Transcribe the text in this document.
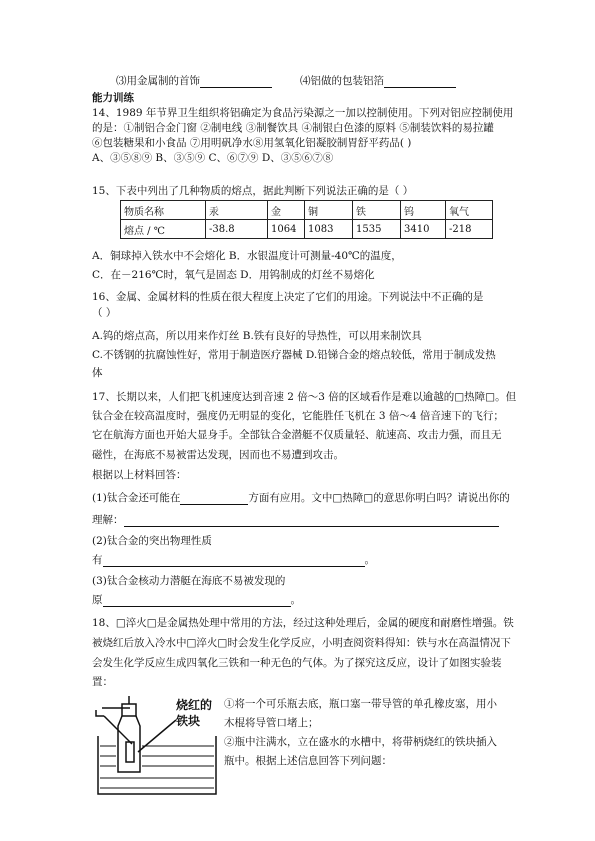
⑶用金属制的首饰	⑷铝做的包装铝箔
能力训练
14、1989 年节界卫生组织将铝确定为食品污染源之一加以控制使用。下列对铝应控制使用
的是：①制铝合金门窗 ②制电线 ③制餐饮具 ④制银白色漆的原料 ⑤制装饮料的易拉罐
⑥包装糖果和小食品 ⑦用明矾净水⑧用氢氧化铝凝胶制胃舒平药品( )
A、③⑤⑧⑨ B、③⑤⑨ C、⑥⑦⑨ D、③⑤⑥⑦⑧
15、下表中列出了几种物质的熔点，据此判断下列说法正确的是（ ）
物质名称	汞	金	铜	铁	钨	氧气
熔点 / ℃	-38.8	1064	1083	1535	3410	-218
A．铜球掉入铁水中不会熔化 B．水银温度计可测量-40℃的温度，
C．在－216℃时，氧气是固态 D．用钨制成的灯丝不易熔化
16、金属、金属材料的性质在很大程度上决定了它们的用途。下列说法中不正确的是
（ ）
A.钨的熔点高，所以用来作灯丝 B.铁有良好的导热性，可以用来制饮具
C.不锈钢的抗腐蚀性好，常用于制造医疗器械 D.铅锑合金的熔点较低，常用于制成发热
体
17、长期以来，人们把飞机速度达到音速 2 倍～3 倍的区域看作是难以逾越的□热障□。但
钛合金在较高温度时，强度仍无明显的变化，它能胜任飞机在 3 倍～4 倍音速下的飞行；
它在航海方面也开始大显身手。全部钛合金潜艇不仅质量轻、航速高、攻击力强，而且无
磁性，在海底不易被雷达发现，因而也不易遭到攻击。
根据以上材料回答：
(1)钛合金还可能在	方面有应用。文中□热障□的意思你明白吗？请说出你的
理解：
(2)钛合金的突出物理性质
有	。
(3)钛合金核动力潜艇在海底不易被发现的
原	。
18、□淬火□是金属热处理中常用的方法，经过这种处理后，金属的硬度和耐磨性增强。铁
被烧红后放入冷水中□淬火□时会发生化学反应，小明查阅资料得知：铁与水在高温情况下
会发生化学反应生成四氧化三铁和一种无色的气体。为了探究这反应，设计了如图实验装
置：
烧红的
铁块
①将一个可乐瓶去底，瓶口塞一带导管的单孔橡皮塞，用小
木棍将导管口堵上；
②瓶中注满水，立在盛水的水槽中，将带柄烧红的铁块插入
瓶中。根据上述信息回答下列问题：
